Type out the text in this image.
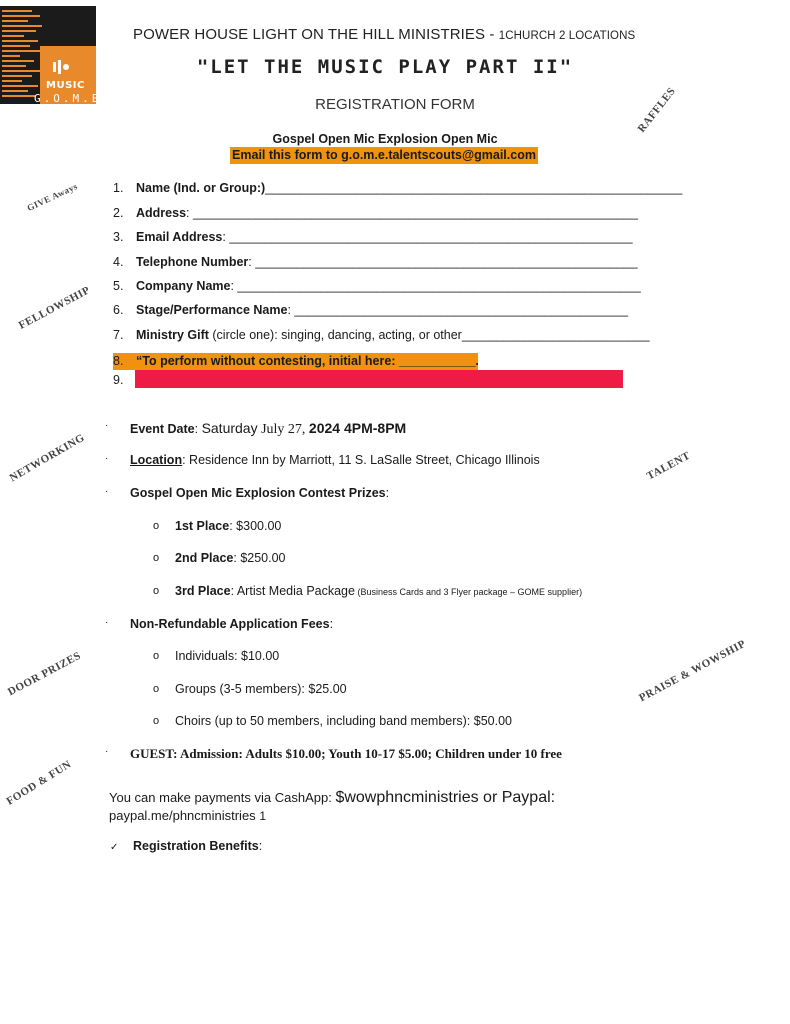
MUSIC
G.O.M.E.
POWER HOUSE LIGHT ON THE HILL MINISTRIES - 1CHURCH 2 LOCATIONS
"LET THE MUSIC PLAY PART II"
REGISTRATION FORM
Gospel Open Mic Explosion Open Mic
Email this form to g.o.m.e.talentscouts@gmail.com
RAFFLES
GIVE Aways
FELLOWSHIP
NETWORKING	TALENT
DOOR PRIZES	PRAISE & WOWSHIP
FOOD & FUN
1. Name (Ind. or Group:)____________________________________________________________
2. Address: ________________________________________________________________
3. Email Address: __________________________________________________________
4. Telephone Number: _______________________________________________________
5. Company Name: __________________________________________________________
6. Stage/Performance Name: ________________________________________________
7. Ministry Gift (circle one): singing, dancing, acting, or other___________________________
8. “To perform without contesting, initial here: ___________.
9.
· Event Date: Saturday July 27, 2024 4PM-8PM
· Location: Residence Inn by Marriott, 11 S. LaSalle Street, Chicago Illinois
· Gospel Open Mic Explosion Contest Prizes:
o 1st Place: $300.00
o 2nd Place: $250.00
o 3rd Place: Artist Media Package (Business Cards and 3 Flyer package – GOME supplier)
· Non-Refundable Application Fees:
o Individuals: $10.00
o Groups (3-5 members): $25.00
o Choirs (up to 50 members, including band members): $50.00
· GUEST: Admission: Adults $10.00; Youth 10-17 $5.00; Children under 10 free
You can make payments via CashApp: $wowphncministries or Paypal:
paypal.me/phncministries 1
✓ Registration Benefits:
